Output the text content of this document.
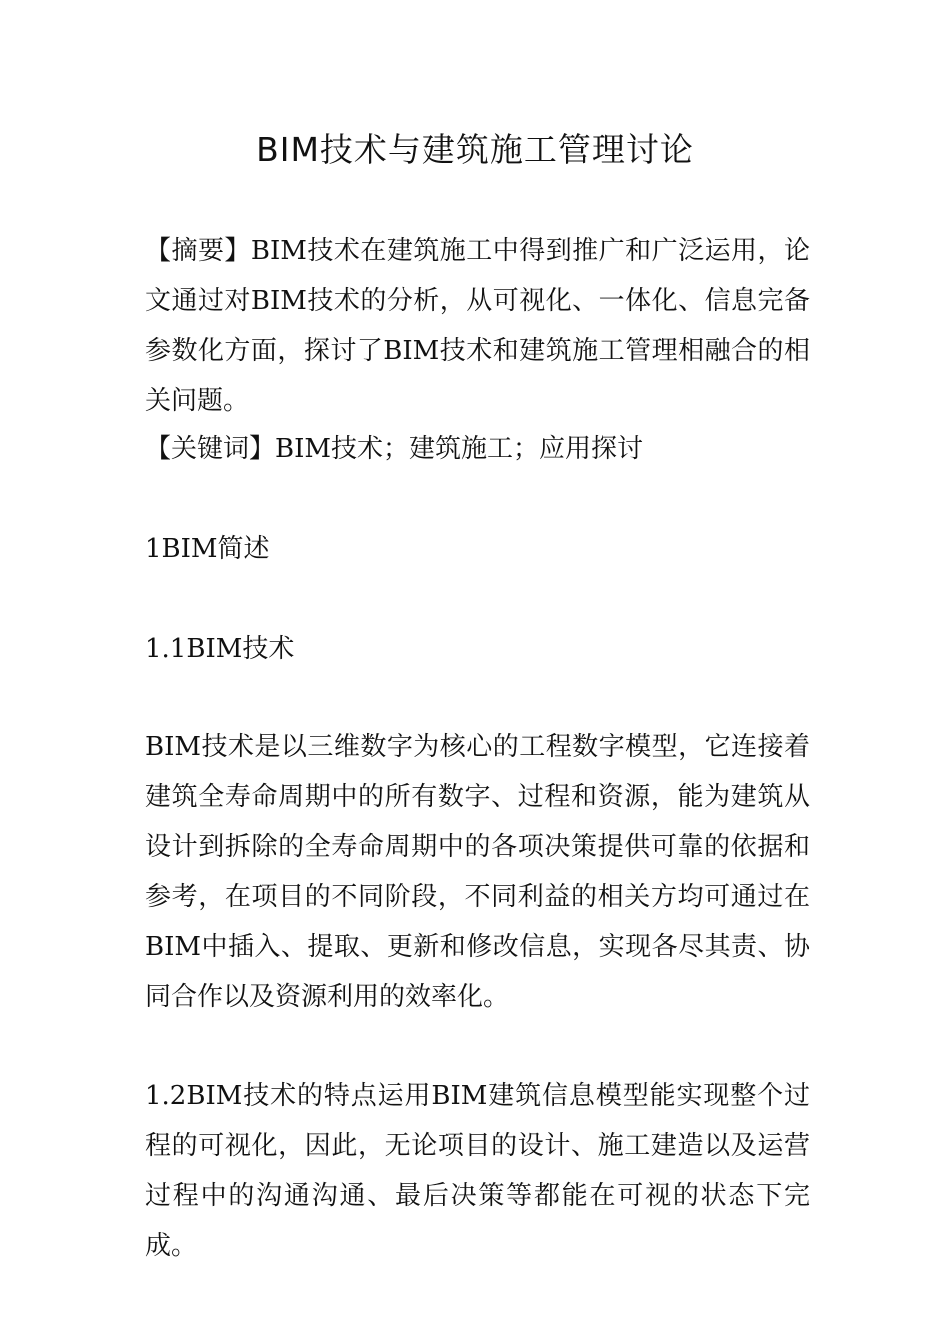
BIM技术与建筑施工管理讨论

【摘要】BIM技术在建筑施工中得到推广和广泛运用，论文通过对BIM技术的分析，从可视化、一体化、信息完备参数化方面，探讨了BIM技术和建筑施工管理相融合的相关问题。

【关键词】BIM技术；建筑施工；应用探讨

1BIM简述

1.1BIM技术

BIM技术是以三维数字为核心的工程数字模型，它连接着建筑全寿命周期中的所有数字、过程和资源，能为建筑从设计到拆除的全寿命周期中的各项决策提供可靠的依据和参考，在项目的不同阶段，不同利益的相关方均可通过在BIM中插入、提取、更新和修改信息，实现各尽其责、协同合作以及资源利用的效率化。

1.2BIM技术的特点运用BIM建筑信息模型能实现整个过程的可视化，因此，无论项目的设计、施工建造以及运营过程中的沟通沟通、最后决策等都能在可视的状态下完成。
